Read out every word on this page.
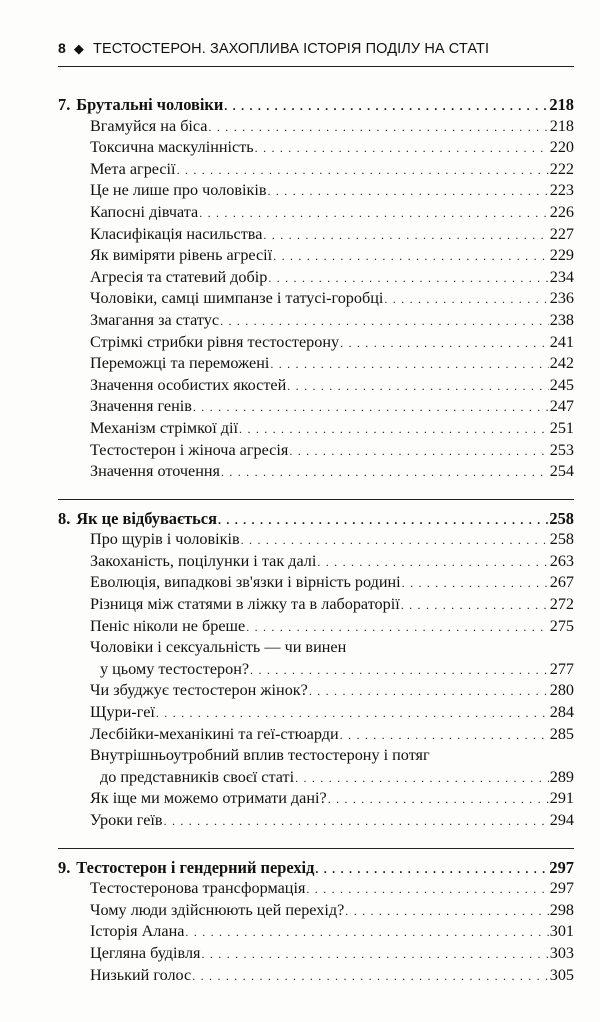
8 ◆ ТЕСТОСТЕРОН. ЗАХОПЛИВА ІСТОРІЯ ПОДІЛУ НА СТАТІ
7. Брутальні чоловіки . . .	218
Вгамуйся на біса . . .	218
Токсична маскулінність . . .	220
Мета агресії . . .	222
Це не лише про чоловіків . . .	223
Капосні дівчата . . .	226
Класифікація насильства . . .	227
Як виміряти рівень агресії . . .	229
Агресія та статевий добір . . .	234
Чоловіки, самці шимпанзе і татусі-горобці . . .	236
Змагання за статус . . .	238
Стрімкі стрибки рівня тестостерону . . .	241
Переможці та переможені . . .	242
Значення особистих якостей . . .	245
Значення генів . . .	247
Механізм стрімкої дії . . .	251
Тестостерон і жіноча агресія . . .	253
Значення оточення . . .	254
8. Як це відбувається . . .	258
Про щурів і чоловіків . . .	258
Закоханість, поцілунки і так далі . . .	263
Еволюція, випадкові зв'язки і вірність родині . . .	267
Різниця між статями в ліжку та в лабораторії . . .	272
Пеніс ніколи не бреше . . .	275
Чоловіки і сексуальність — чи винен
у цьому тестостерон? . . .	277
Чи збуджує тестостерон жінок? . . .	280
Щури-геї . . .	284
Лесбійки-механікині та геї-стюарди . . .	285
Внутрішньоутробний вплив тестостерону і потяг
до представників своєї статі . . .	289
Як іще ми можемо отримати дані? . . .	291
Уроки геїв . . .	294
9. Тестостерон і гендерний перехід . . .	297
Тестостеронова трансформація . . .	297
Чому люди здійснюють цей перехід? . . .	298
Історія Алана . . .	301
Цегляна будівля . . .	303
Низький голос . . .	305
